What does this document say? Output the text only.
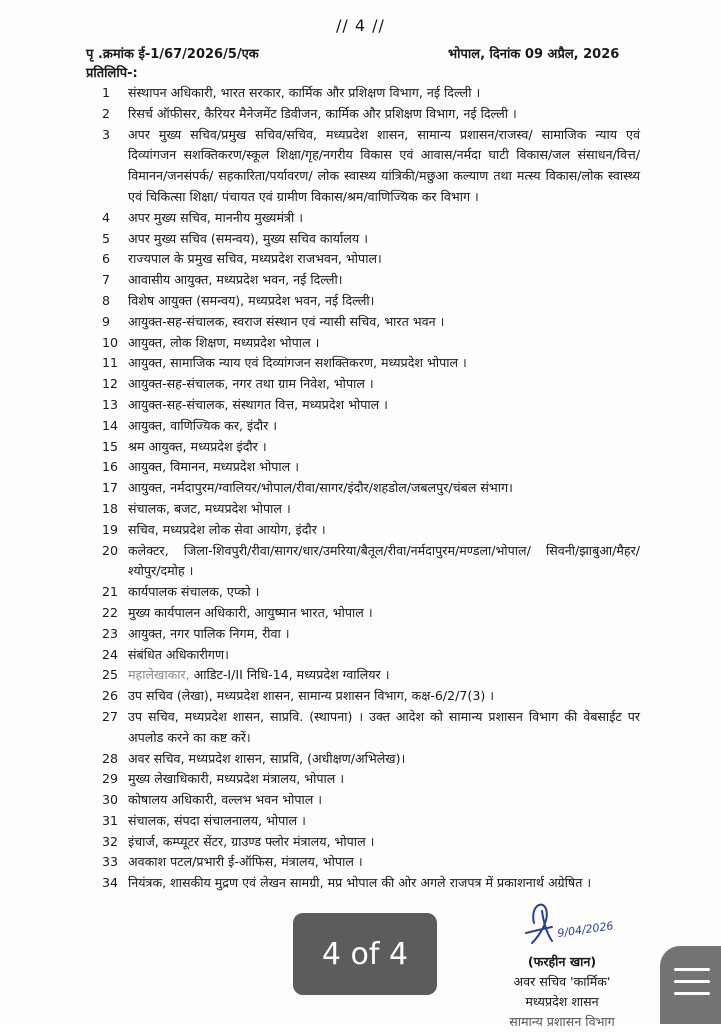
// 4 //
पृ .क्रमांक ई-1/67/2026/5/एक	भोपाल, दिनांक 09 अप्रैल, 2026
प्रतिलिपि-:
1	संस्थापन अधिकारी, भारत सरकार, कार्मिक और प्रशिक्षण विभाग, नई दिल्ली ।
2	रिसर्च ऑफीसर, कैरियर मैनेजमेंट डिवीजन, कार्मिक और प्रशिक्षण विभाग, नई दिल्ली ।
3	अपर मुख्य सचिव/प्रमुख सचिव/सचिव, मध्यप्रदेश शासन, सामान्य प्रशासन/राजस्व/ सामाजिक न्याय एवं दिव्यांगजन सशक्तिकरण/स्कूल शिक्षा/गृह/नगरीय विकास एवं आवास/नर्मदा घाटी विकास/जल संसाधन/वित्त/विमानन/जनसंपर्क/ सहकारिता/पर्यावरण/ लोक स्वास्थ्य यांत्रिकी/मछुआ कल्याण तथा मत्स्य विकास/लोक स्वास्थ्य एवं चिकित्सा शिक्षा/ पंचायत एवं ग्रामीण विकास/श्रम/वाणिज्यिक कर विभाग ।
4	अपर मुख्य सचिव, माननीय मुख्यमंत्री ।
5	अपर मुख्य सचिव (समन्वय), मुख्य सचिव कार्यालय ।
6	राज्यपाल के प्रमुख सचिव, मध्यप्रदेश राजभवन, भोपाल।
7	आवासीय आयुक्त, मध्यप्रदेश भवन, नई दिल्ली।
8	विशेष आयुक्त (समन्वय), मध्यप्रदेश भवन, नई दिल्ली।
9	आयुक्त-सह-संचालक, स्वराज संस्थान एवं न्यासी सचिव, भारत भवन ।
10 आयुक्त, लोक शिक्षण, मध्यप्रदेश भोपाल ।
11 आयुक्त, सामाजिक न्याय एवं दिव्यांगजन सशक्तिकरण, मध्यप्रदेश भोपाल ।
12 आयुक्त-सह-संचालक, नगर तथा ग्राम निवेश, भोपाल ।
13 आयुक्त-सह-संचालक, संस्थागत वित्त, मध्यप्रदेश भोपाल ।
14 आयुक्त, वाणिज्यिक कर, इंदौर ।
15 श्रम आयुक्त, मध्यप्रदेश इंदौर ।
16 आयुक्त, विमानन, मध्यप्रदेश भोपाल ।
17 आयुक्त, नर्मदापुरम/ग्वालियर/भोपाल/रीवा/सागर/इंदौर/शहडोल/जबलपुर/चंबल संभाग।
18 संचालक, बजट, मध्यप्रदेश भोपाल ।
19 सचिव, मध्यप्रदेश लोक सेवा आयोग, इंदौर ।
20 कलेक्टर, जिला-शिवपुरी/रीवा/सागर/धार/उमरिया/बैतूल/रीवा/नर्मदापुरम/मण्डला/भोपाल/ सिवनी/झाबुआ/मैहर/श्योपुर/दमोह ।
21 कार्यपालक संचालक, एप्को ।
22 मुख्य कार्यपालन अधिकारी, आयुष्मान भारत, भोपाल ।
23 आयुक्त, नगर पालिक निगम, रीवा ।
24 संबंधित अधिकारीगण।
25 महालेखाकार, आडिट-I/II निधि-14, मध्यप्रदेश ग्वालियर ।
26 उप सचिव (लेखा), मध्यप्रदेश शासन, सामान्य प्रशासन विभाग, कक्ष-6/2/7(3) ।
27 उप सचिव, मध्यप्रदेश शासन, साप्रवि. (स्थापना) । उक्त आदेश को सामान्य प्रशासन विभाग की वेबसाईट पर अपलोड करने का कष्ट करें।
28 अवर सचिव, मध्यप्रदेश शासन, साप्रवि, (अधीक्षण/अभिलेख)।
29 मुख्य लेखाधिकारी, मध्यप्रदेश मंत्रालय, भोपाल ।
30 कोषालय अधिकारी, वल्लभ भवन भोपाल ।
31 संचालक, संपदा संचालनालय, भोपाल ।
32 इंचार्ज, कम्प्यूटर सेंटर, ग्राउण्ड फ्लोर मंत्रालय, भोपाल ।
33 अवकाश पटल/प्रभारी ई-ऑफिस, मंत्रालय, भोपाल ।
34 नियंत्रक, शासकीय मुद्रण एवं लेखन सामग्री, मप्र भोपाल की ओर अगले राजपत्र में प्रकाशनार्थ अग्रेषित ।
9/04/2026
(फरहीन खान)
अवर सचिव 'कार्मिक'
मध्यप्रदेश शासन
सामान्य प्रशासन विभाग
4 of 4
